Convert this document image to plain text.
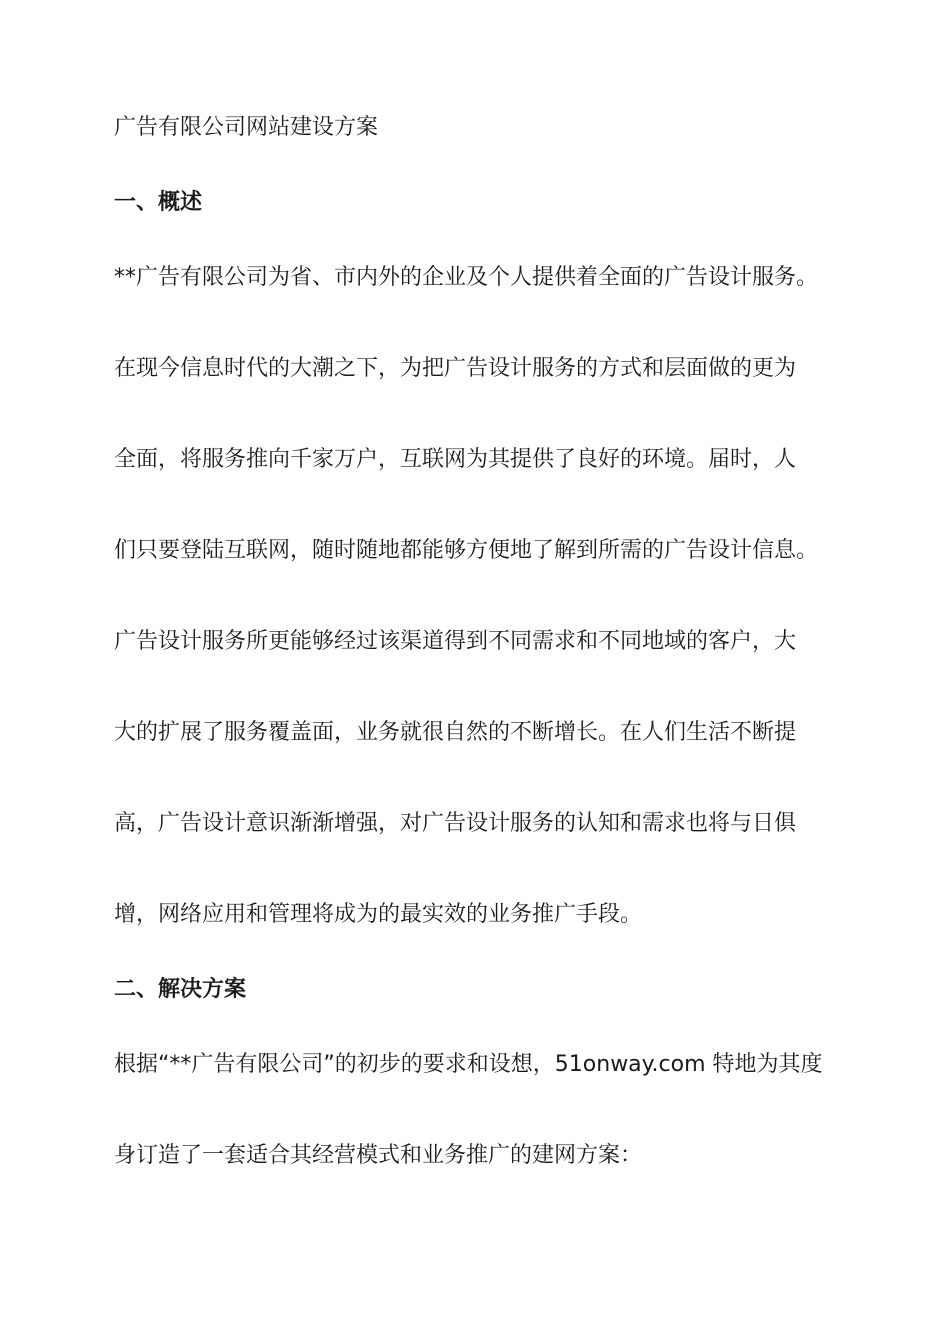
广告有限公司网站建设方案
一、概述
**广告有限公司为省、市内外的企业及个人提供着全面的广告设计服务。
在现今信息时代的大潮之下，为把广告设计服务的方式和层面做的更为
全面，将服务推向千家万户，互联网为其提供了良好的环境。届时，人
们只要登陆互联网，随时随地都能够方便地了解到所需的广告设计信息。
广告设计服务所更能够经过该渠道得到不同需求和不同地域的客户，大
大的扩展了服务覆盖面，业务就很自然的不断增长。在人们生活不断提
高，广告设计意识渐渐增强，对广告设计服务的认知和需求也将与日俱
增，网络应用和管理将成为的最实效的业务推广手段。
二、解决方案
根据“**广告有限公司”的初步的要求和设想，51onway.com 特地为其度
身订造了一套适合其经营模式和业务推广的建网方案：
